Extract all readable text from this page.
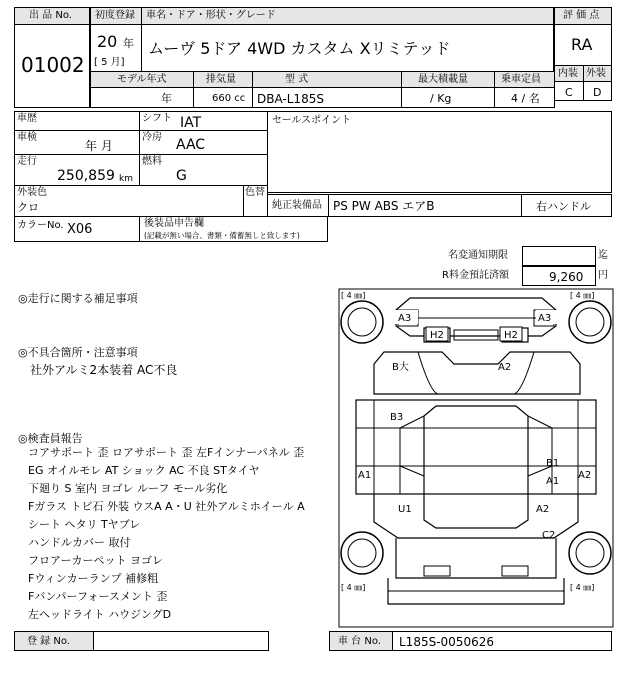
出 品 No.
01002
初度登録 車名・ドア・形状・グレード
20 年
[ 5 月]
ムーヴ 5ドア 4WD カスタム Xリミテッド
評 価 点
RA
内装 外装
C D
モデル年式	排気量	型 式	最大積載量	乗車定員
年	660 cc DBA-L185S	/ Kg	4 / 名
車歴	シフト IAT
車検
年 月
冷房 AAC
走行
250,859 km
燃料
G
セールスポイント
外装色
クロ
色替
純正装備品 PS PW ABS エアB	右ハンドル
カラーNo. X06	後装品申告欄
(記載が無い場合、書類・備蓄無しと致します)
名変通知期限	迄
R料金預託済額	9,260 円
◎走行に関する補足事項
◎不具合箇所・注意事項
社外アルミ2本装着 AC不良
◎検査員報告
コアサポート 歪 ロアサポート 歪 左Fインナーパネル 歪
EG オイルモレ AT ショック AC 不良 STタイヤ
下廻り S 室内 ヨゴレ ルーフ モール劣化
Fガラス トビ石 外装 ウスA A・U 社外アルミホイール A
シート ヘタリ Tヤブレ
ハンドルカバー 取付
フロアーカーペット ヨゴレ
Fウィンカーランプ 補修粗
Fバンパーフォースメント 歪
左ヘッドライト ハウジングD
[ 4 ㎜]	[ 4 ㎜]
[ 4 ㎜]	[ 4 ㎜]
A3	A3
H2	H2
B大	A2
B3
A1
B1
A1
A2
U1	A2
C2
登 録 No.	車 台 No. L185S-0050626
